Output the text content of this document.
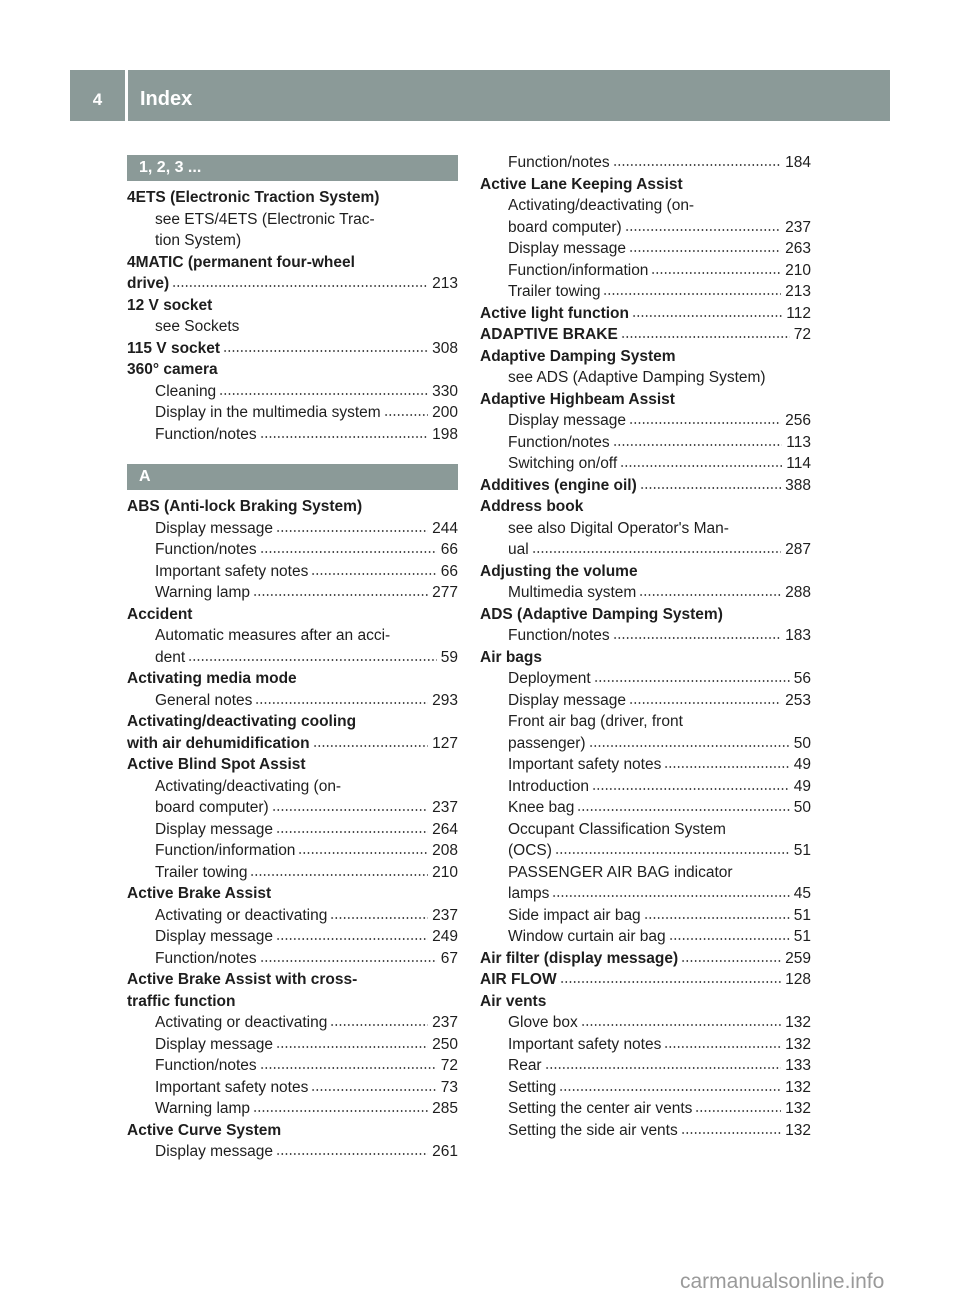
4	Index
1, 2, 3 ...
4ETS (Electronic Traction System)
see ETS/4ETS (Electronic Trac-
tion System)
4MATIC (permanent four-wheel
drive)	213
12 V socket
see Sockets
115 V socket	308
360° camera
Cleaning	330
Display in the multimedia system	200
Function/notes	198
A
ABS (Anti-lock Braking System)
Display message	244
Function/notes	66
Important safety notes	66
Warning lamp	277
Accident
Automatic measures after an acci-
dent	59
Activating media mode
General notes	293
Activating/deactivating cooling
with air dehumidification	127
Active Blind Spot Assist
Activating/deactivating (on-
board computer)	237
Display message	264
Function/information	208
Trailer towing	210
Active Brake Assist
Activating or deactivating	237
Display message	249
Function/notes	67
Active Brake Assist with cross-
traffic function
Activating or deactivating	237
Display message	250
Function/notes	72
Important safety notes	73
Warning lamp	285
Active Curve System
Display message	261
Function/notes	184
Active Lane Keeping Assist
Activating/deactivating (on-
board computer)	237
Display message	263
Function/information	210
Trailer towing	213
Active light function	112
ADAPTIVE BRAKE	72
Adaptive Damping System
see ADS (Adaptive Damping System)
Adaptive Highbeam Assist
Display message	256
Function/notes	113
Switching on/off	114
Additives (engine oil)	388
Address book
see also Digital Operator's Man-
ual	287
Adjusting the volume
Multimedia system	288
ADS (Adaptive Damping System)
Function/notes	183
Air bags
Deployment	56
Display message	253
Front air bag (driver, front
passenger)	50
Important safety notes	49
Introduction	49
Knee bag	50
Occupant Classification System
(OCS)	51
PASSENGER AIR BAG indicator
lamps	45
Side impact air bag	51
Window curtain air bag	51
Air filter (display message)	259
AIR FLOW	128
Air vents
Glove box	132
Important safety notes	132
Rear	133
Setting	132
Setting the center air vents	132
Setting the side air vents	132
carmanualsonline.info
